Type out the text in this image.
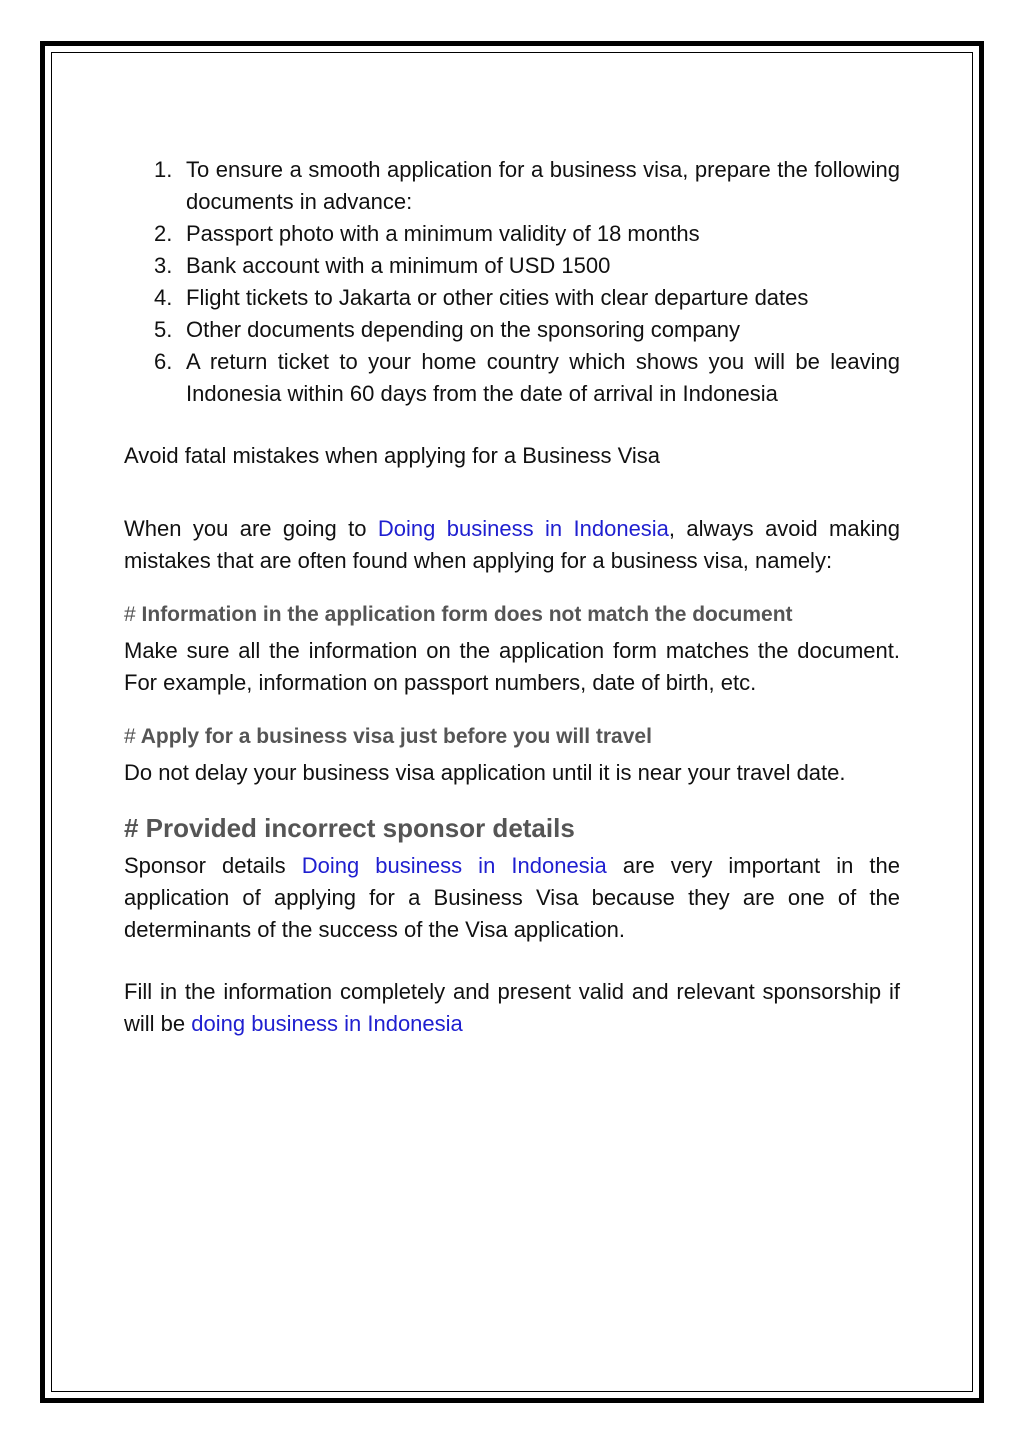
1. To ensure a smooth application for a business visa, prepare the following documents in advance:
2. Passport photo with a minimum validity of 18 months
3. Bank account with a minimum of USD 1500
4. Flight tickets to Jakarta or other cities with clear departure dates
5. Other documents depending on the sponsoring company
6. A return ticket to your home country which shows you will be leaving Indonesia within 60 days from the date of arrival in Indonesia

Avoid fatal mistakes when applying for a Business Visa

When you are going to Doing business in Indonesia, always avoid making mistakes that are often found when applying for a business visa, namely:

# Information in the application form does not match the document

Make sure all the information on the application form matches the document. For example, information on passport numbers, date of birth, etc.

# Apply for a business visa just before you will travel

Do not delay your business visa application until it is near your travel date.

# Provided incorrect sponsor details

Sponsor details Doing business in Indonesia are very important in the application of applying for a Business Visa because they are one of the determinants of the success of the Visa application.

Fill in the information completely and present valid and relevant sponsorship if will be doing business in Indonesia
